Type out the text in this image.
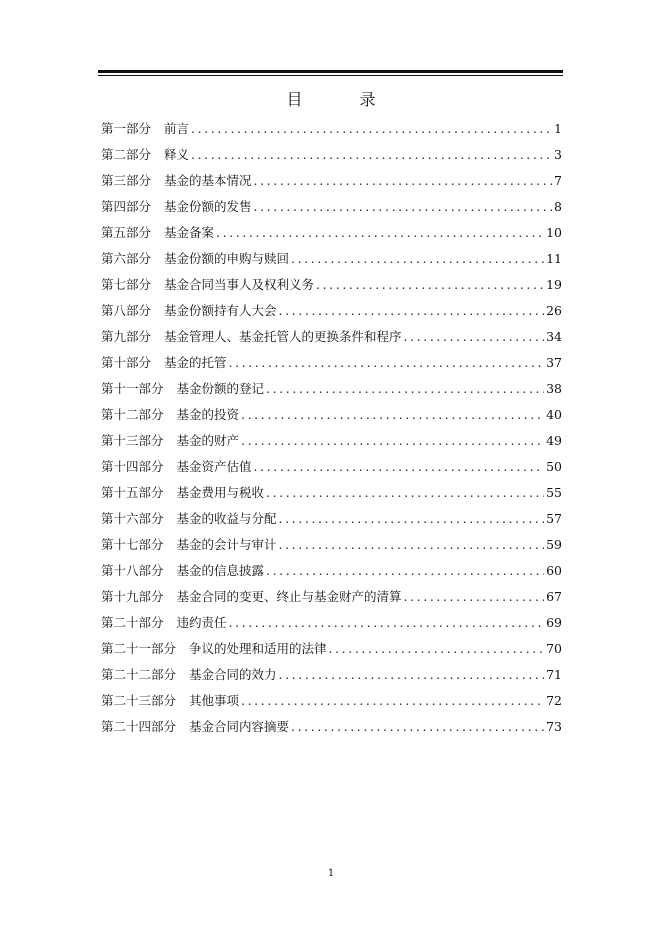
目 录
第一部分 前言 .....	1
第二部分 释义 .....	3
第三部分 基金的基本情况 .....	7
第四部分 基金份额的发售 .....	8
第五部分 基金备案 .....	10
第六部分 基金份额的申购与赎回 .....	11
第七部分 基金合同当事人及权利义务 .....	19
第八部分 基金份额持有人大会 .....	26
第九部分 基金管理人、基金托管人的更换条件和程序 .....	34
第十部分 基金的托管 .....	37
第十一部分 基金份额的登记 .....	38
第十二部分 基金的投资 .....	40
第十三部分 基金的财产 .....	49
第十四部分 基金资产估值 .....	50
第十五部分 基金费用与税收 .....	55
第十六部分 基金的收益与分配 .....	57
第十七部分 基金的会计与审计 .....	59
第十八部分 基金的信息披露 .....	60
第十九部分 基金合同的变更、终止与基金财产的清算 .....	67
第二十部分 违约责任 .....	69
第二十一部分 争议的处理和适用的法律 .....	70
第二十二部分 基金合同的效力 .....	71
第二十三部分 其他事项 .....	72
第二十四部分 基金合同内容摘要 .....	73
1
